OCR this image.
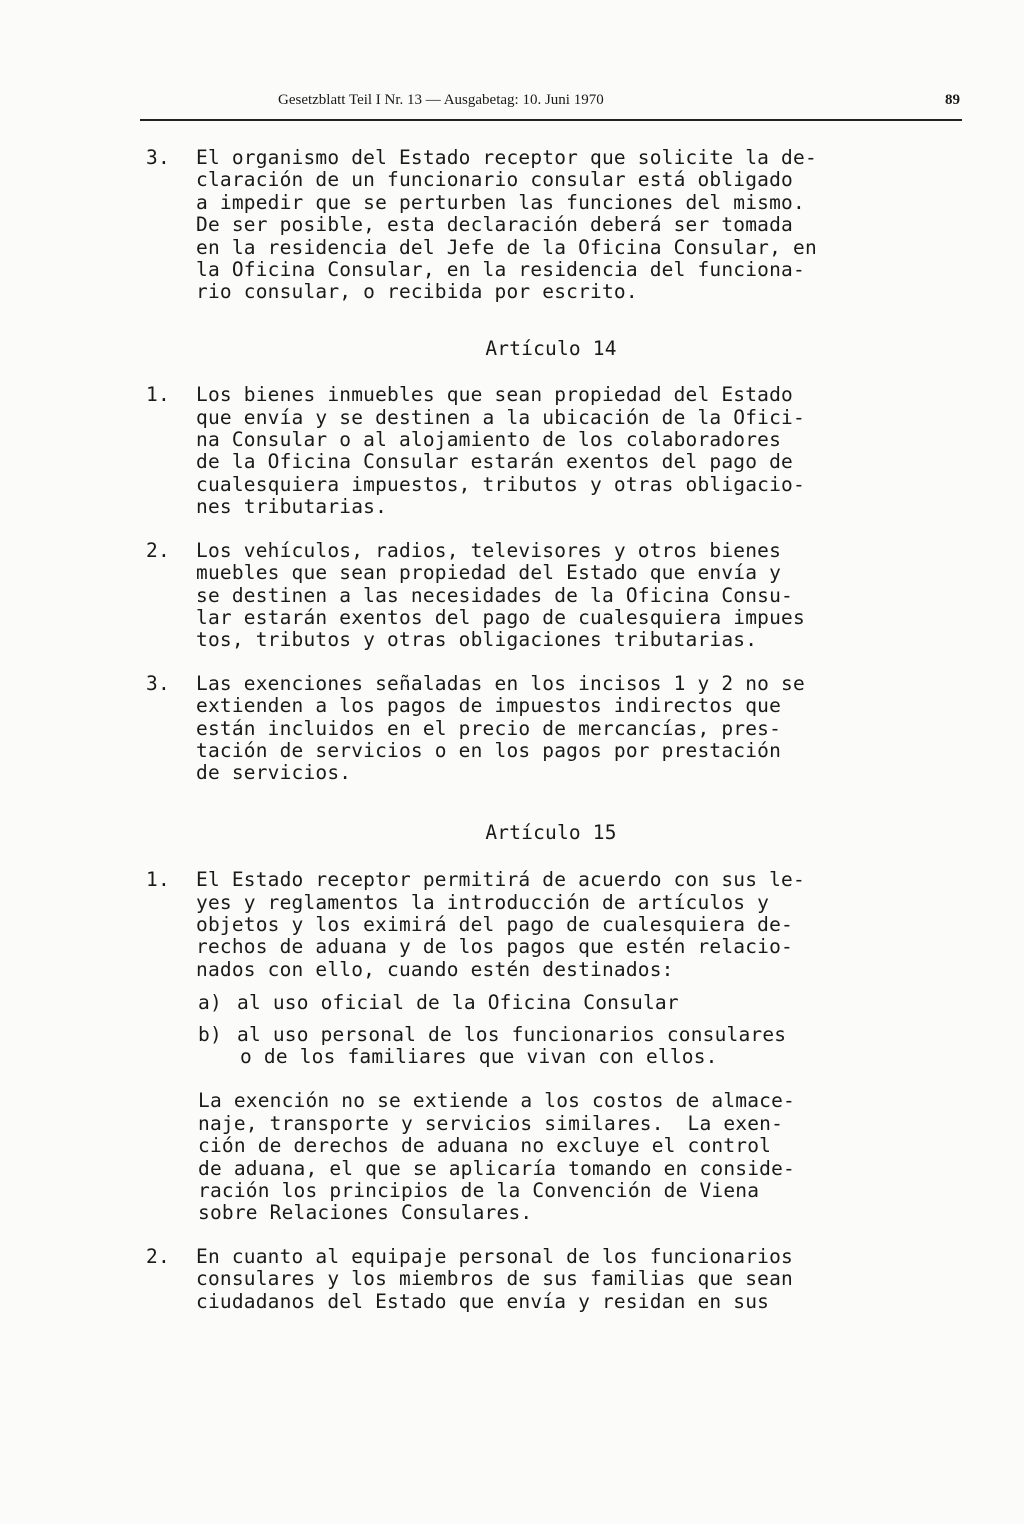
Gesetzblatt Teil I Nr. 13 — Ausgabetag: 10. Juni 1970	89
3. El organismo del Estado receptor que solicite la de-
claración de un funcionario consular está obligado
a impedir que se perturben las funciones del mismo.
De ser posible, esta declaración deberá ser tomada
en la residencia del Jefe de la Oficina Consular, en
la Oficina Consular, en la residencia del funciona-
rio consular, o recibida por escrito.
Artículo 14
1. Los bienes inmuebles que sean propiedad del Estado
que envía y se destinen a la ubicación de la Ofici-
na Consular o al alojamiento de los colaboradores
de la Oficina Consular estarán exentos del pago de
cualesquiera impuestos, tributos y otras obligacio-
nes tributarias.
2. Los vehículos, radios, televisores y otros bienes
muebles que sean propiedad del Estado que envía y
se destinen a las necesidades de la Oficina Consu-
lar estarán exentos del pago de cualesquiera impues
tos, tributos y otras obligaciones tributarias.
3. Las exenciones señaladas en los incisos 1 y 2 no se
extienden a los pagos de impuestos indirectos que
están incluidos en el precio de mercancías, pres-
tación de servicios o en los pagos por prestación
de servicios.
Artículo 15
1. El Estado receptor permitirá de acuerdo con sus le-
yes y reglamentos la introducción de artículos y
objetos y los eximirá del pago de cualesquiera de-
rechos de aduana y de los pagos que estén relacio-
nados con ello, cuando estén destinados:
a) al uso oficial de la Oficina Consular
b) al uso personal de los funcionarios consulares
o de los familiares que vivan con ellos.
La exención no se extiende a los costos de almace-
naje, transporte y servicios similares.  La exen-
ción de derechos de aduana no excluye el control
de aduana, el que se aplicaría tomando en conside-
ración los principios de la Convención de Viena
sobre Relaciones Consulares.
2. En cuanto al equipaje personal de los funcionarios
consulares y los miembros de sus familias que sean
ciudadanos del Estado que envía y residan en sus
